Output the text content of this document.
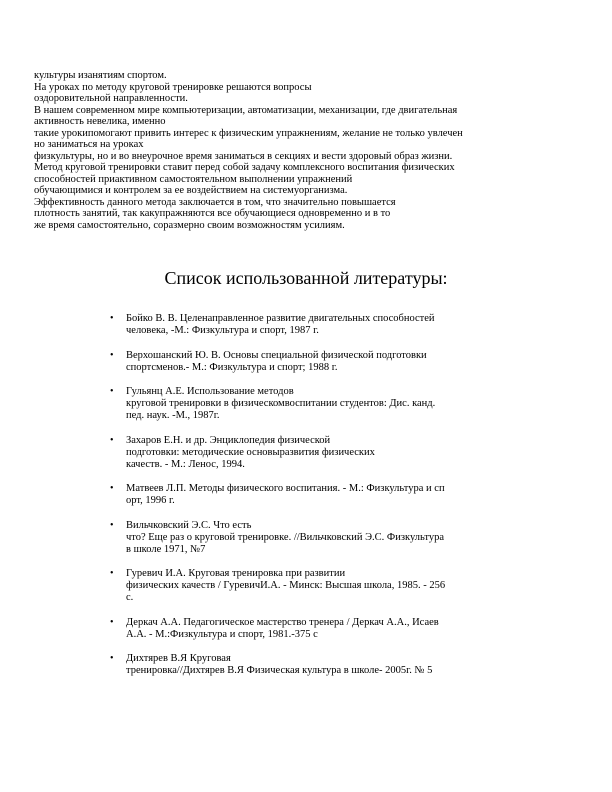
культуры изанятиям спортом.
На уроках по методу круговой тренировке решаются вопросы
оздоровительной направленности.
В нашем современном мире компьютеризации, автоматизации, механизации, где двигательная
активность невелика, именно
такие урокипомогают привить интерес к физическим упражнениям, желание не только увлечен
но заниматься на уроках
физкультуры, но и во внеурочное время заниматься в секциях и вести здоровый образ жизни.
Метод круговой тренировки ставит перед собой задачу комплексного воспитания физических
способностей приактивном самостоятельном выполнении упражнений
обучающимися и контролем за ее воздействием на системуорганизма.
Эффективность данного метода заключается в том, что значительно повышается
плотность занятий, так какупражняются все обучающиеся одновременно и в то
же время самостоятельно, соразмерно своим возможностям усилиям.
Список использованной литературы:
• Бойко В. В. Целенаправленное развитие двигательных способностей
человека, -М.: Физкультура и спорт, 1987 г.
• Верхошанский Ю. В. Основы специальной физической подготовки
спортсменов.- М.: Физкультура и спорт; 1988 г.
• Гульянц А.Е. Использование методов
круговой тренировки в физическомвоспитании студентов: Дис. канд.
пед. наук. -М., 1987г.
• Захаров Е.Н. и др. Энциклопедия физической
подготовки: методические основыразвития физических
качеств. - М.: Ленос, 1994.
• Матвеев Л.П. Методы физического воспитания. - М.: Физкультура и сп
орт, 1996 г.
• Вильчковский Э.С. Что есть
что? Еще раз о круговой тренировке. //Вильчковский Э.С. Физкультура
в школе 1971, №7
• Гуревич И.А. Круговая тренировка при развитии
физических качеств / ГуревичИ.А. - Минск: Высшая школа, 1985. - 256
с.
• Деркач А.А. Педагогическое мастерство тренера / Деркач А.А., Исаев
А.А. - М.:Физкультура и спорт, 1981.-375 с
• Дихтярев В.Я Круговая
тренировка//Дихтярев В.Я Физическая культура в школе- 2005г. № 5
